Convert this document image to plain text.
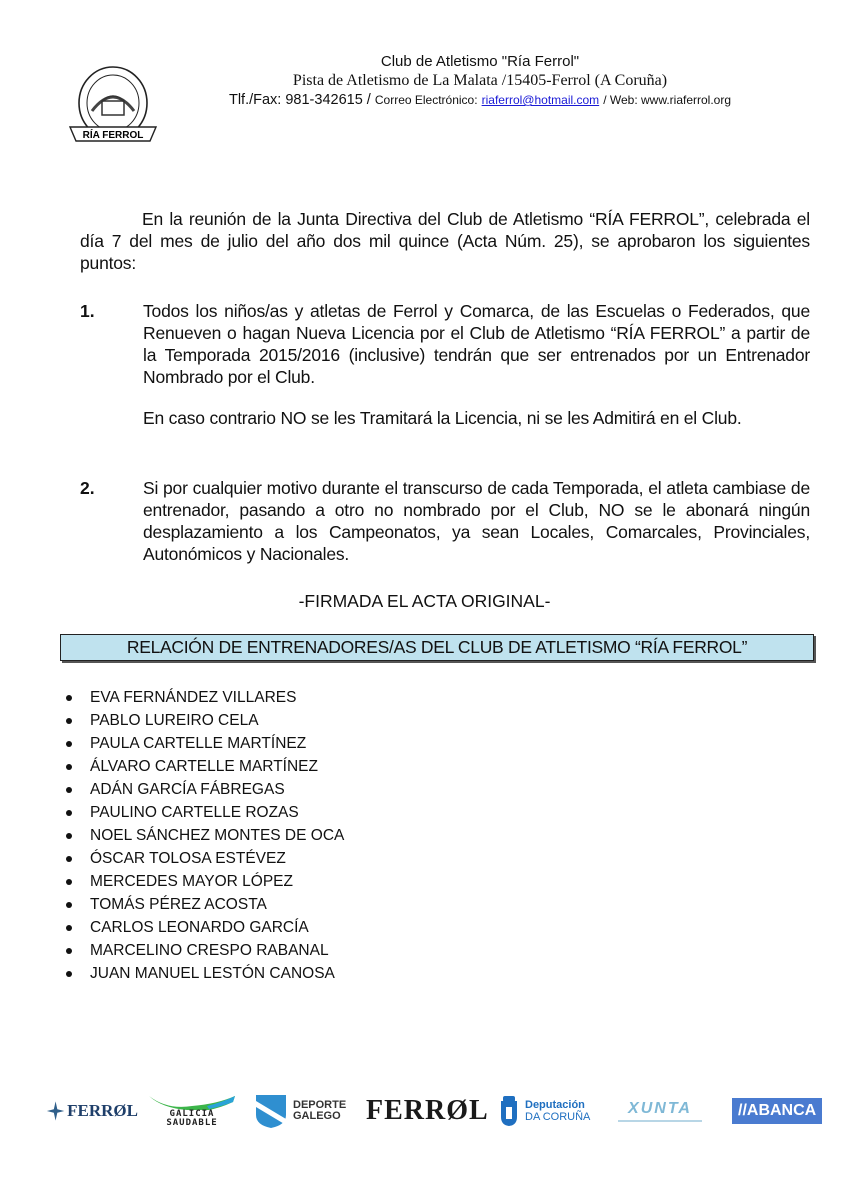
RÍA FERROL
Club de Atletismo "Ría Ferrol"
Pista de Atletismo de La Malata /15405-Ferrol (A Coruña)
Tlf./Fax: 981-342615 / Correo Electrónico: riaferrol@hotmail.com / Web: www.riaferrol.org
En la reunión de la Junta Directiva del Club de Atletismo “RÍA FERROL”, celebrada el día 7 del mes de julio del año dos mil quince (Acta Núm. 25), se aprobaron los siguientes puntos:
1.	Todos los niños/as y atletas de Ferrol y Comarca, de las Escuelas o Federados, que Renueven o hagan Nueva Licencia por el Club de Atletismo “RÍA FERROL” a partir de la Temporada 2015/2016 (inclusive) tendrán que ser entrenados por un Entrenador Nombrado por el Club.
En caso contrario NO se les Tramitará la Licencia, ni se les Admitirá en el Club.
2.	Si por cualquier motivo durante el transcurso de cada Temporada, el atleta cambiase de entrenador, pasando a otro no nombrado por el Club, NO se le abonará ningún desplazamiento a los Campeonatos, ya sean Locales, Comarcales, Provinciales, Autonómicos y Nacionales.
-FIRMADA EL ACTA ORIGINAL-
RELACIÓN DE ENTRENADORES/AS DEL CLUB DE ATLETISMO “RÍA FERROL”
EVA FERNÁNDEZ VILLARES
PABLO LUREIRO CELA
PAULA CARTELLE MARTÍNEZ
ÁLVARO CARTELLE MARTÍNEZ
ADÁN GARCÍA FÁBREGAS
PAULINO CARTELLE ROZAS
NOEL SÁNCHEZ MONTES DE OCA
ÓSCAR TOLOSA ESTÉVEZ
MERCEDES MAYOR LÓPEZ
TOMÁS PÉREZ ACOSTA
CARLOS LEONARDO GARCÍA
MARCELINO CRESPO RABANAL
JUAN MANUEL LESTÓN CANOSA
FERRØL	GALICIA
SAUDABLE
DEPORTE
GALEGO FERRØL	Deputación
DA CORUÑA XUNTA	//ABANCA
